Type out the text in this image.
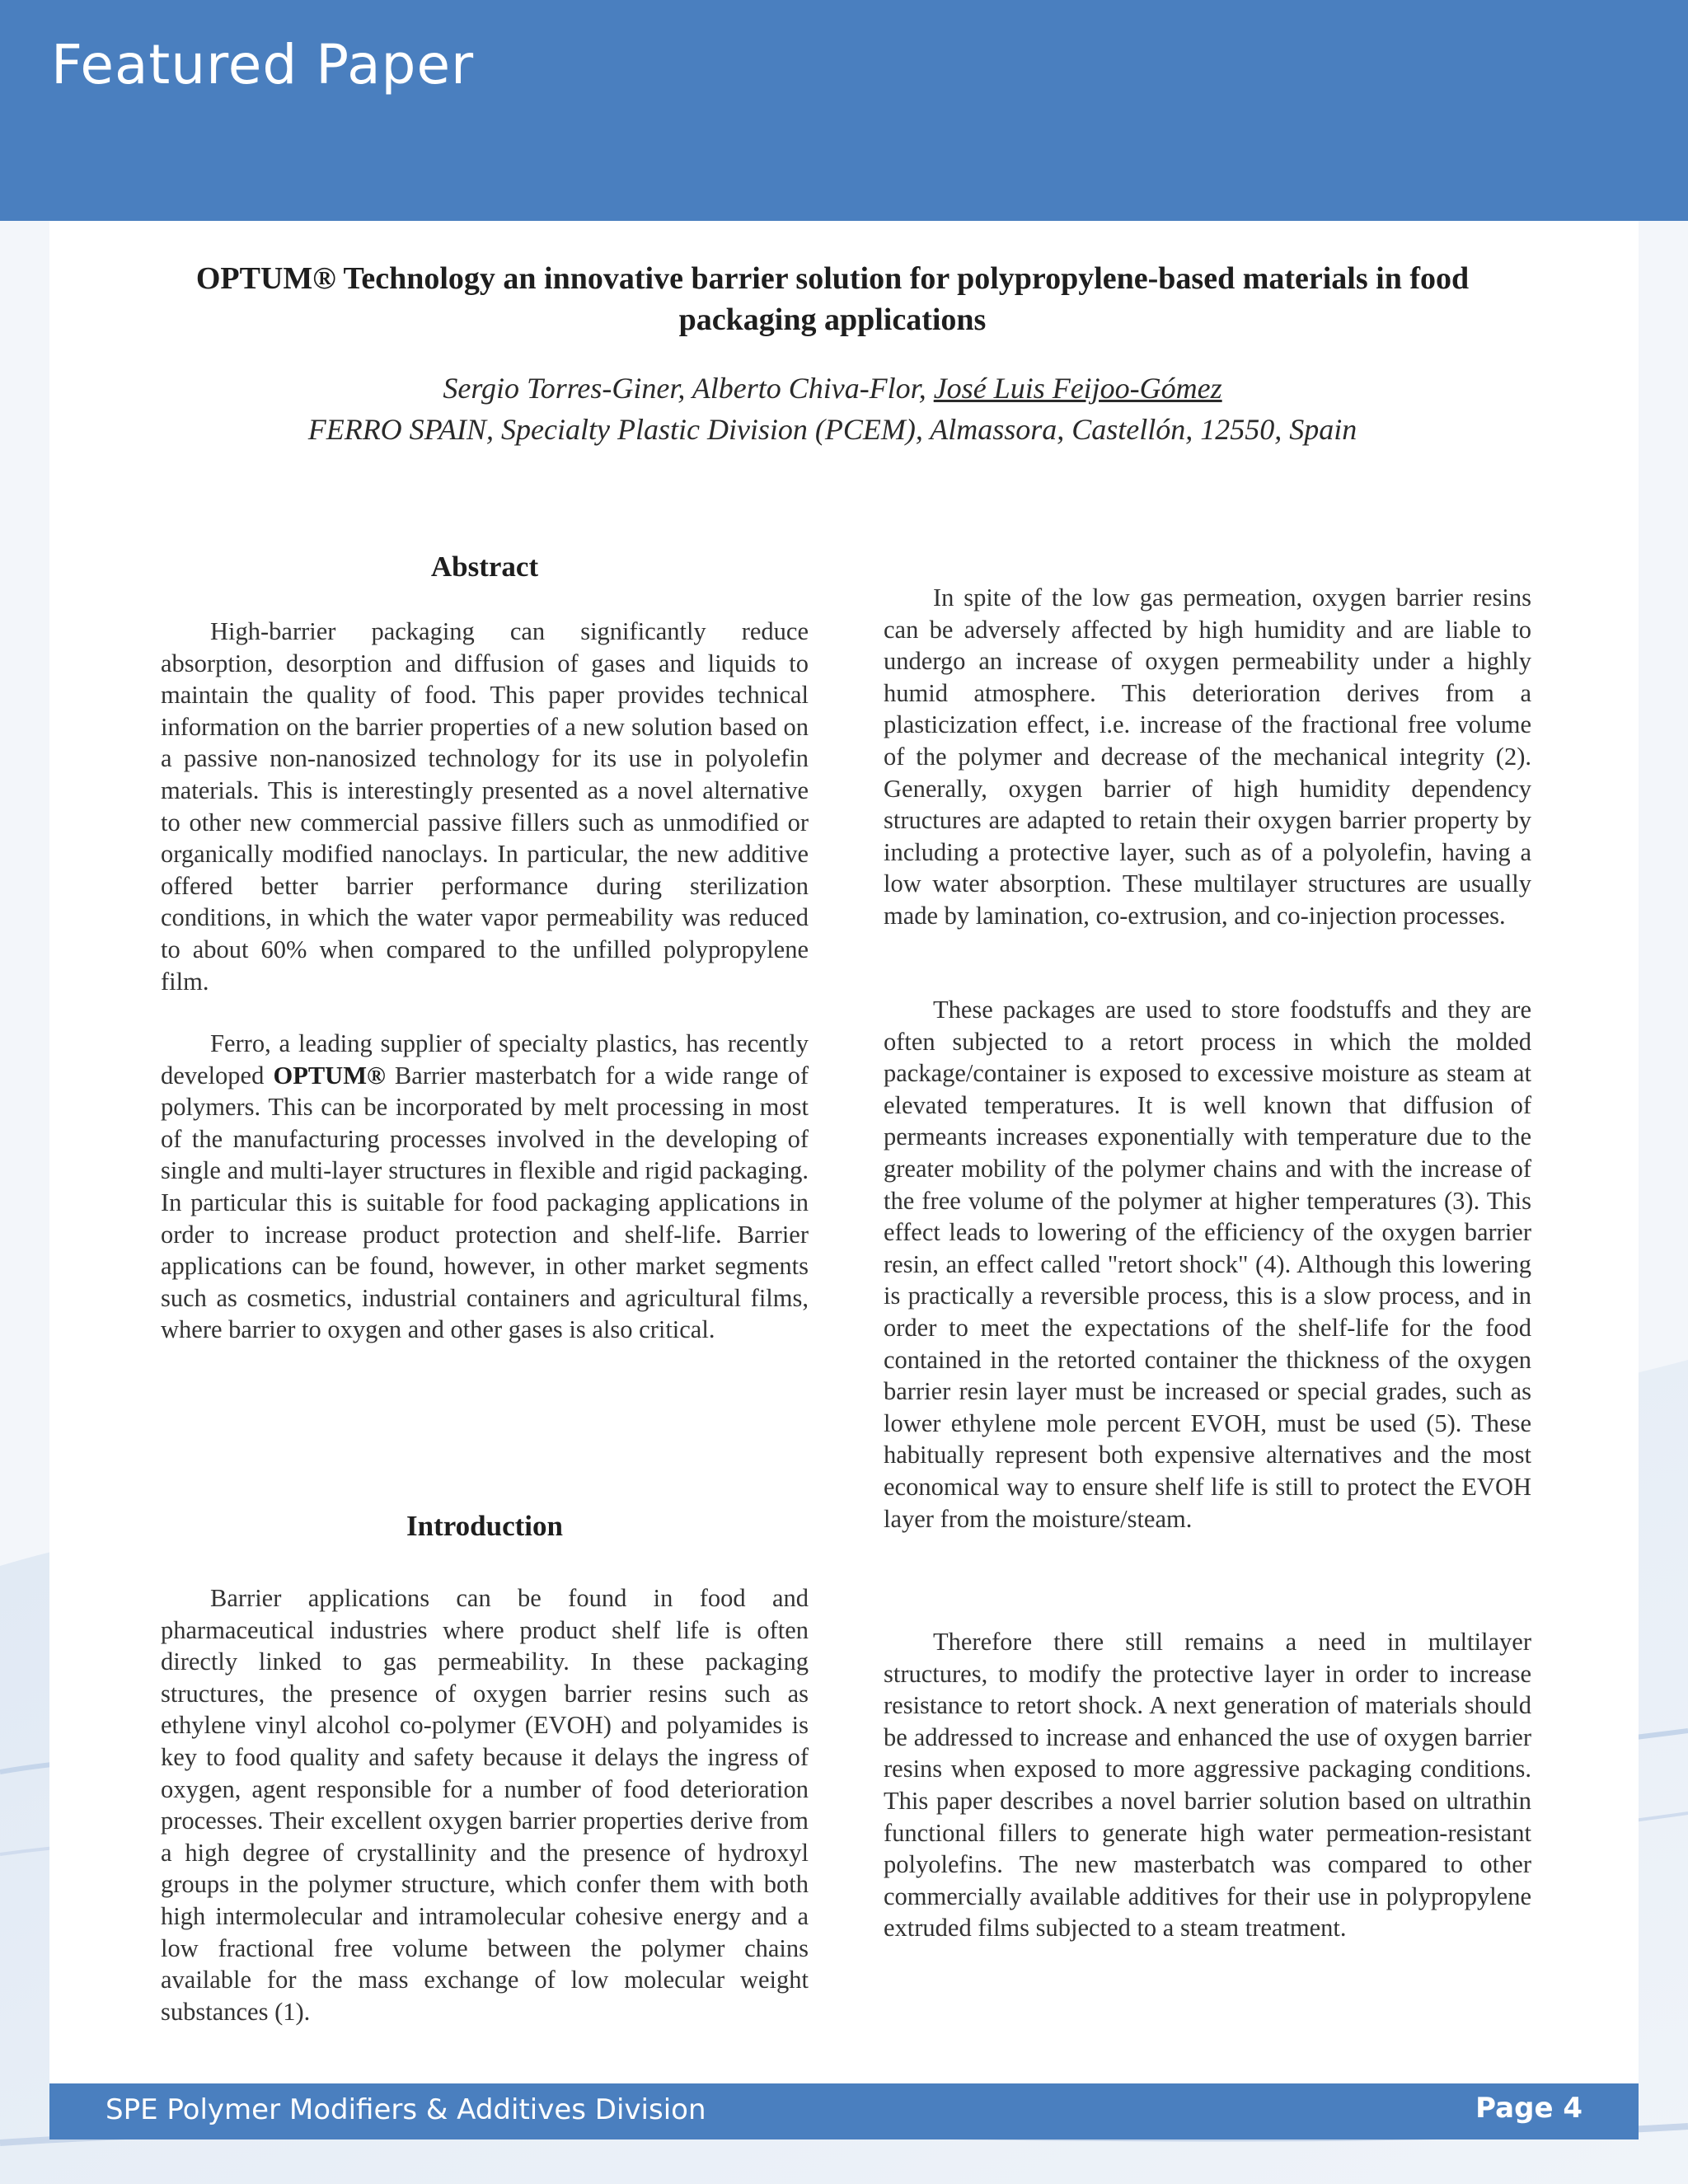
Featured Paper
OPTUM® Technology an innovative barrier solution for polypropylene-based materials in food packaging applications

Sergio Torres-Giner, Alberto Chiva-Flor, José Luis Feijoo-Gómez

FERRO SPAIN, Specialty Plastic Division (PCEM), Almassora, Castellón, 12550, Spain

Abstract

High-barrier packaging can significantly reduce absorption, desorption and diffusion of gases and liquids to maintain the quality of food. This paper provides technical information on the barrier properties of a new solution based on a passive non-nanosized technology for its use in polyolefin materials. This is interestingly presented as a novel alternative to other new commercial passive fillers such as unmodified or organically modified nanoclays. In particular, the new additive offered better barrier performance during sterilization conditions, in which the water vapor permeability was reduced to about 60% when compared to the unfilled polypropylene film.

Ferro, a leading supplier of specialty plastics, has recently developed OPTUM® Barrier masterbatch for a wide range of polymers. This can be incorporated by melt processing in most of the manufacturing processes involved in the developing of single and multi-layer structures in flexible and rigid packaging. In particular this is suitable for food packaging applications in order to increase product protection and shelf-life. Barrier applications can be found, however, in other market segments such as cosmetics, industrial containers and agricultural films, where barrier to oxygen and other gases is also critical.

Introduction

Barrier applications can be found in food and pharmaceutical industries where product shelf life is often directly linked to gas permeability. In these packaging structures, the presence of oxygen barrier resins such as ethylene vinyl alcohol co-polymer (EVOH) and polyamides is key to food quality and safety because it delays the ingress of oxygen, agent responsible for a number of food deterioration processes. Their excellent oxygen barrier properties derive from a high degree of crystallinity and the presence of hydroxyl groups in the polymer structure, which confer them with both high intermolecular and intramolecular cohesive energy and a low fractional free volume between the polymer chains available for the mass exchange of low molecular weight substances (1).

In spite of the low gas permeation, oxygen barrier resins can be adversely affected by high humidity and are liable to undergo an increase of oxygen permeability under a highly humid atmosphere. This deterioration derives from a plasticization effect, i.e. increase of the fractional free volume of the polymer and decrease of the mechanical integrity (2). Generally, oxygen barrier of high humidity dependency structures are adapted to retain their oxygen barrier property by including a protective layer, such as of a polyolefin, having a low water absorption. These multilayer structures are usually made by lamination, co-extrusion, and co-injection processes.

These packages are used to store foodstuffs and they are often subjected to a retort process in which the molded package/container is exposed to excessive moisture as steam at elevated temperatures. It is well known that diffusion of permeants increases exponentially with temperature due to the greater mobility of the polymer chains and with the increase of the free volume of the polymer at higher temperatures (3). This effect leads to lowering of the efficiency of the oxygen barrier resin, an effect called "retort shock" (4). Although this lowering is practically a reversible process, this is a slow process, and in order to meet the expectations of the shelf-life for the food contained in the retorted container the thickness of the oxygen barrier resin layer must be increased or special grades, such as lower ethylene mole percent EVOH, must be used (5). These habitually represent both expensive alternatives and the most economical way to ensure shelf life is still to protect the EVOH layer from the moisture/steam.

Therefore there still remains a need in multilayer structures, to modify the protective layer in order to increase resistance to retort shock. A next generation of materials should be addressed to increase and enhanced the use of oxygen barrier resins when exposed to more aggressive packaging conditions. This paper describes a novel barrier solution based on ultrathin functional fillers to generate high water permeation-resistant polyolefins. The new masterbatch was compared to other commercially available additives for their use in polypropylene extruded films subjected to a steam treatment.

SPE Polymer Modifiers & Additives Division	Page 4
